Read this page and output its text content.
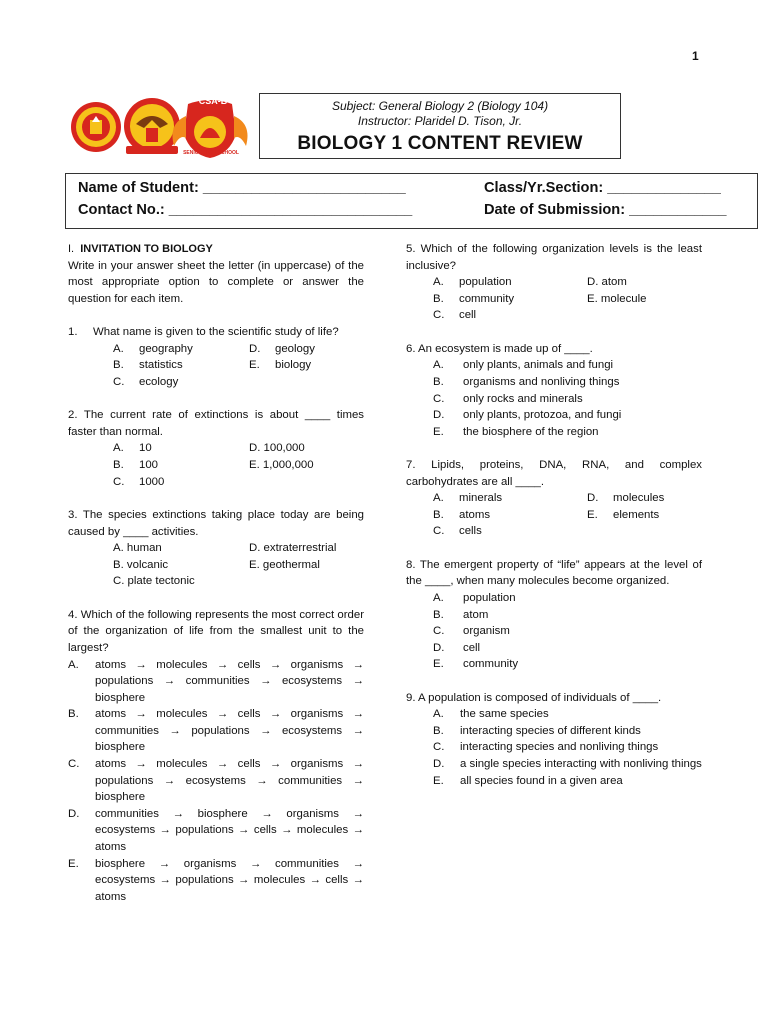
1
CSA-B
SENIOR HIGH SCHOOL
Subject: General Biology 2 (Biology 104)
Instructor: Plaridel D. Tison, Jr.
BIOLOGY 1 CONTENT REVIEW
Name of Student: _________________________	Class/Yr.Section: ______________
Contact No.: ______________________________	Date of Submission: ____________

I. INVITATION TO BIOLOGY

Write in your answer sheet the letter (in uppercase) of the most appropriate option to complete or answer the question for each item.

1.	What name is given to the scientific study of life?
A. geography
B. statistics
C. ecology
D. geology
E. biology

2. The current rate of extinctions is about ____ times faster than normal.

A. 10
B. 100
C. 1000
D. 100,000
E. 1,000,000

3. The species extinctions taking place today are being caused by ____ activities.

A. human
B. volcanic
C. plate tectonic
D. extraterrestrial
E. geothermal

4. Which of the following represents the most correct order of the organization of life from the smallest unit to the largest?

A.	atoms → molecules → cells → organisms → populations → communities → ecosystems → biosphere
B.	atoms → molecules → cells → organisms → communities → populations → ecosystems → biosphere
C.	atoms → molecules → cells → organisms → populations → ecosystems → communities → biosphere
D.	communities → biosphere → organisms → ecosystems → populations → cells → molecules → atoms
E.	biosphere → organisms → communities → ecosystems → populations → molecules → cells → atoms

5. Which of the following organization levels is the least inclusive?

A. population
B. community
C. cell
D. atom
E. molecule

6. An ecosystem is made up of ____.

A. only plants, animals and fungi
B. organisms and nonliving things
C. only rocks and minerals
D. only plants, protozoa, and fungi
E. the biosphere of the region

7. Lipids, proteins, DNA, RNA, and complex carbohydrates are all ____.

A. minerals
B. atoms
C. cells
D. molecules
E. elements

8. The emergent property of “life” appears at the level of the ____, when many molecules become organized.

A. population
B. atom
C. organism
D. cell
E. community

9. A population is composed of individuals of ____.

A.	the same species
B.	interacting species of different kinds
C.	interacting species and nonliving things
D.	a single species interacting with nonliving things
E.	all species found in a given area
